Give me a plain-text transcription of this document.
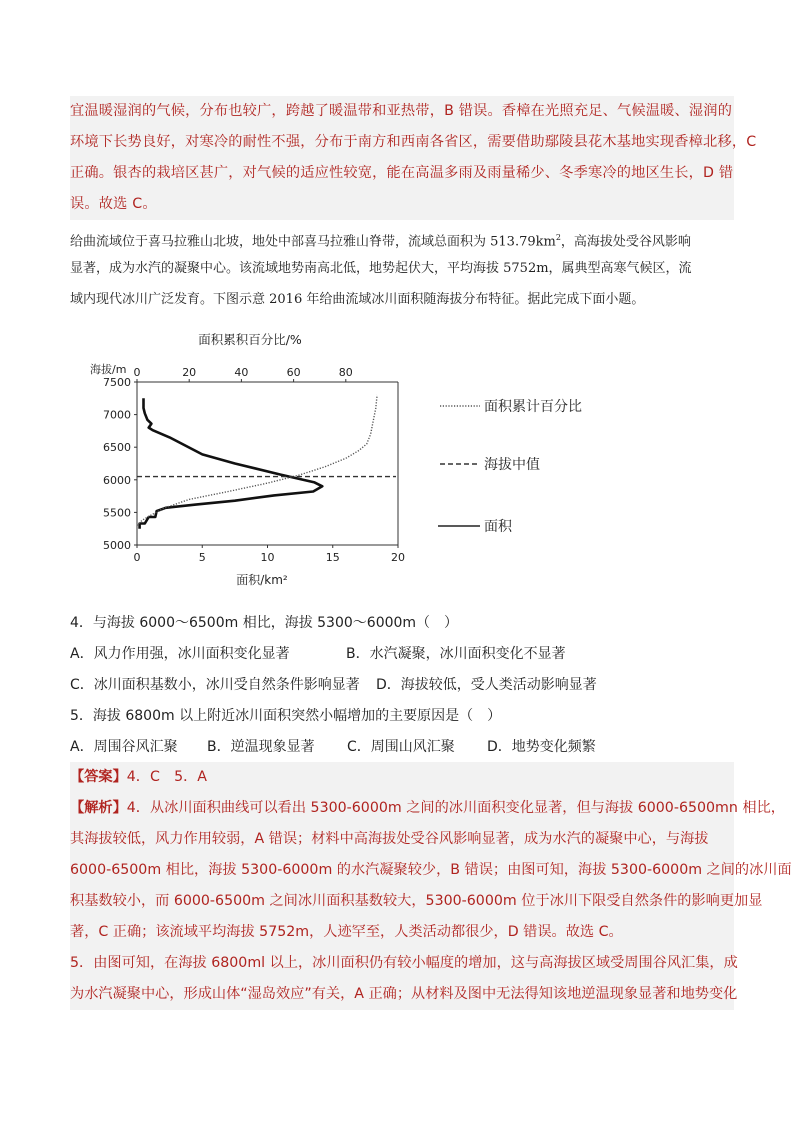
宜温暖湿润的气候，分布也较广，跨越了暖温带和亚热带，B 错误。香樟在光照充足、气候温暖、湿润的
环境下长势良好，对寒冷的耐性不强，分布于南方和西南各省区，需要借助鄢陵县花木基地实现香樟北移，C
正确。银杏的栽培区甚广，对气候的适应性较宽，能在高温多雨及雨量稀少、冬季寒冷的地区生长，D 错
误。故选 C。
给曲流域位于喜马拉雅山北坡，地处中部喜马拉雅山脊带，流域总面积为 $513.79km^2$，高海拔处受谷风影响
显著，成为水汽的凝聚中心。该流域地势南高北低，地势起伏大，平均海拔 5752m，属典型高寒气候区，流
域内现代冰川广泛发育。下图示意 2016 年给曲流域冰川面积随海拔分布特征。据此完成下面小题。
面积累积百分比/%
海拔/m 0	20	40	60	80
0	5	10	15	20
7500
7000
6500
6000
5500
5000
面积/km²
面积累计百分比
海拔中值
面积
4．与海拔 6000～6500m 相比，海拔 5300～6000m（　）
A．风力作用强，冰川面积变化显著	B．水汽凝聚，冰川面积变化不显著
C．冰川面积基数小，冰川受自然条件影响显著 D．海拔较低，受人类活动影响显著
5．海拔 6800m 以上附近冰川面积突然小幅增加的主要原因是（　）
A．周围谷风汇聚 B．逆温现象显著 C．周围山风汇聚 D．地势变化频繁
【答案】4．C　5．A
【解析】4．从冰川面积曲线可以看出 5300-6000m 之间的冰川面积变化显著，但与海拔 6000-6500mn 相比，
其海拔较低，风力作用较弱，A 错误；材料中高海拔处受谷风影响显著，成为水汽的凝聚中心，与海拔
6000-6500m 相比，海拔 5300-6000m 的水汽凝聚较少，B 错误；由图可知，海拔 5300-6000m 之间的冰川面
积基数较小，而 6000-6500m 之间冰川面积基数较大，5300-6000m 位于冰川下限受自然条件的影响更加显
著，C 正确；该流域平均海拔 5752m，人迹罕至，人类活动都很少，D 错误。故选 C。
5．由图可知，在海拔 6800ml 以上，冰川面积仍有较小幅度的增加，这与高海拔区域受周围谷风汇集，成
为水汽凝聚中心，形成山体“湿岛效应”有关，A 正确；从材料及图中无法得知该地逆温现象显著和地势变化
